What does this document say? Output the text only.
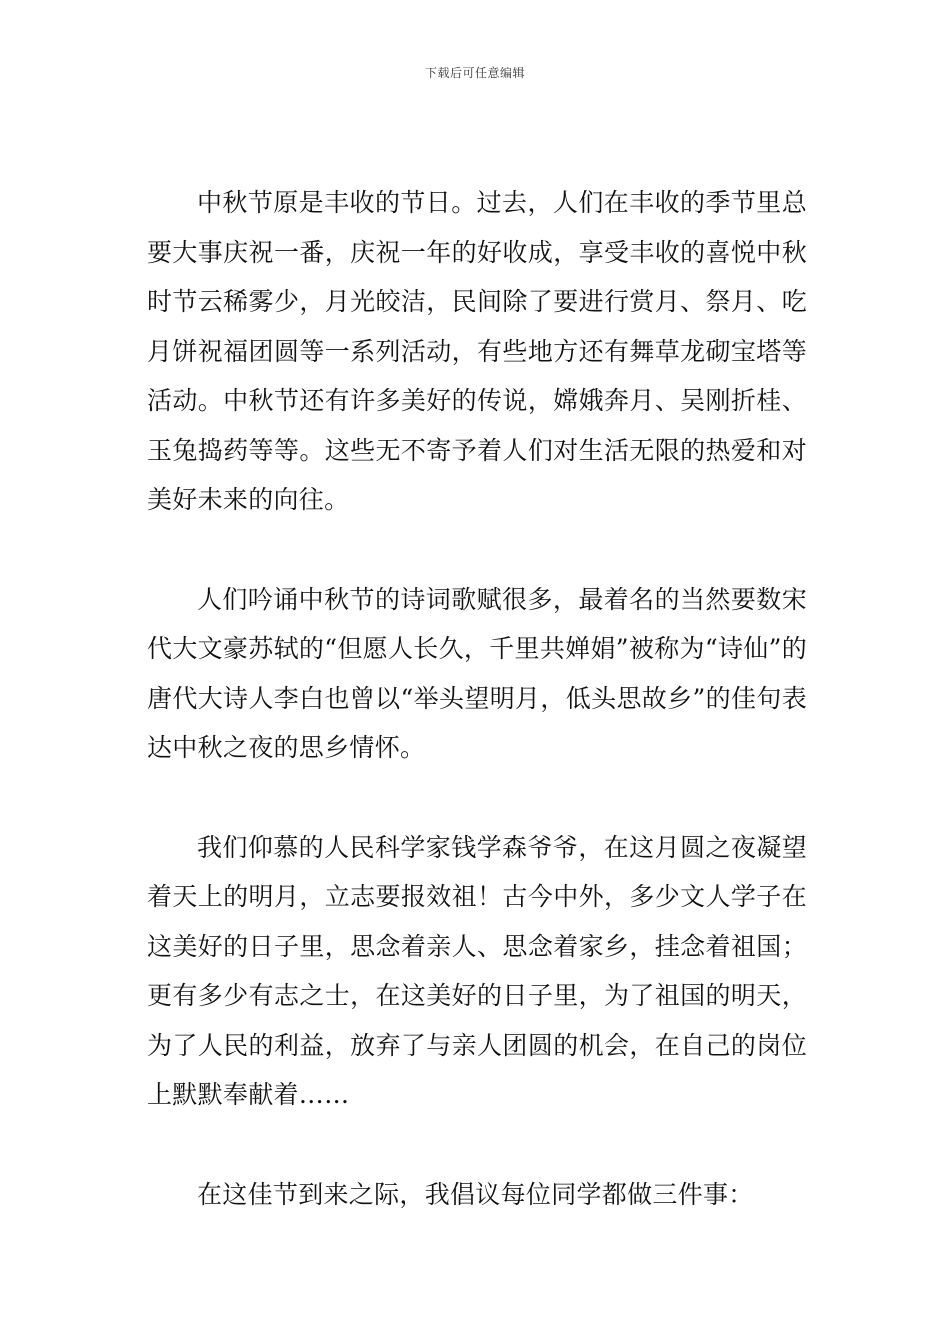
下载后可任意编辑

中秋节原是丰收的节日。过去，人们在丰收的季节里总要大事庆祝一番，庆祝一年的好收成，享受丰收的喜悦中秋时节云稀雾少，月光皎洁，民间除了要进行赏月、祭月、吃月饼祝福团圆等一系列活动，有些地方还有舞草龙砌宝塔等活动。中秋节还有许多美好的传说，嫦娥奔月、吴刚折桂、玉兔捣药等等。这些无不寄予着人们对生活无限的热爱和对美好未来的向往。

人们吟诵中秋节的诗词歌赋很多，最着名的当然要数宋代大文豪苏轼的“但愿人长久，千里共婵娟”被称为“诗仙”的唐代大诗人李白也曾以“举头望明月，低头思故乡”的佳句表达中秋之夜的思乡情怀。

我们仰慕的人民科学家钱学森爷爷，在这月圆之夜凝望着天上的明月，立志要报效祖！古今中外，多少文人学子在这美好的日子里，思念着亲人、思念着家乡，挂念着祖国；更有多少有志之士，在这美好的日子里，为了祖国的明天，为了人民的利益，放弃了与亲人团圆的机会，在自己的岗位上默默奉献着……

在这佳节到来之际，我倡议每位同学都做三件事：
